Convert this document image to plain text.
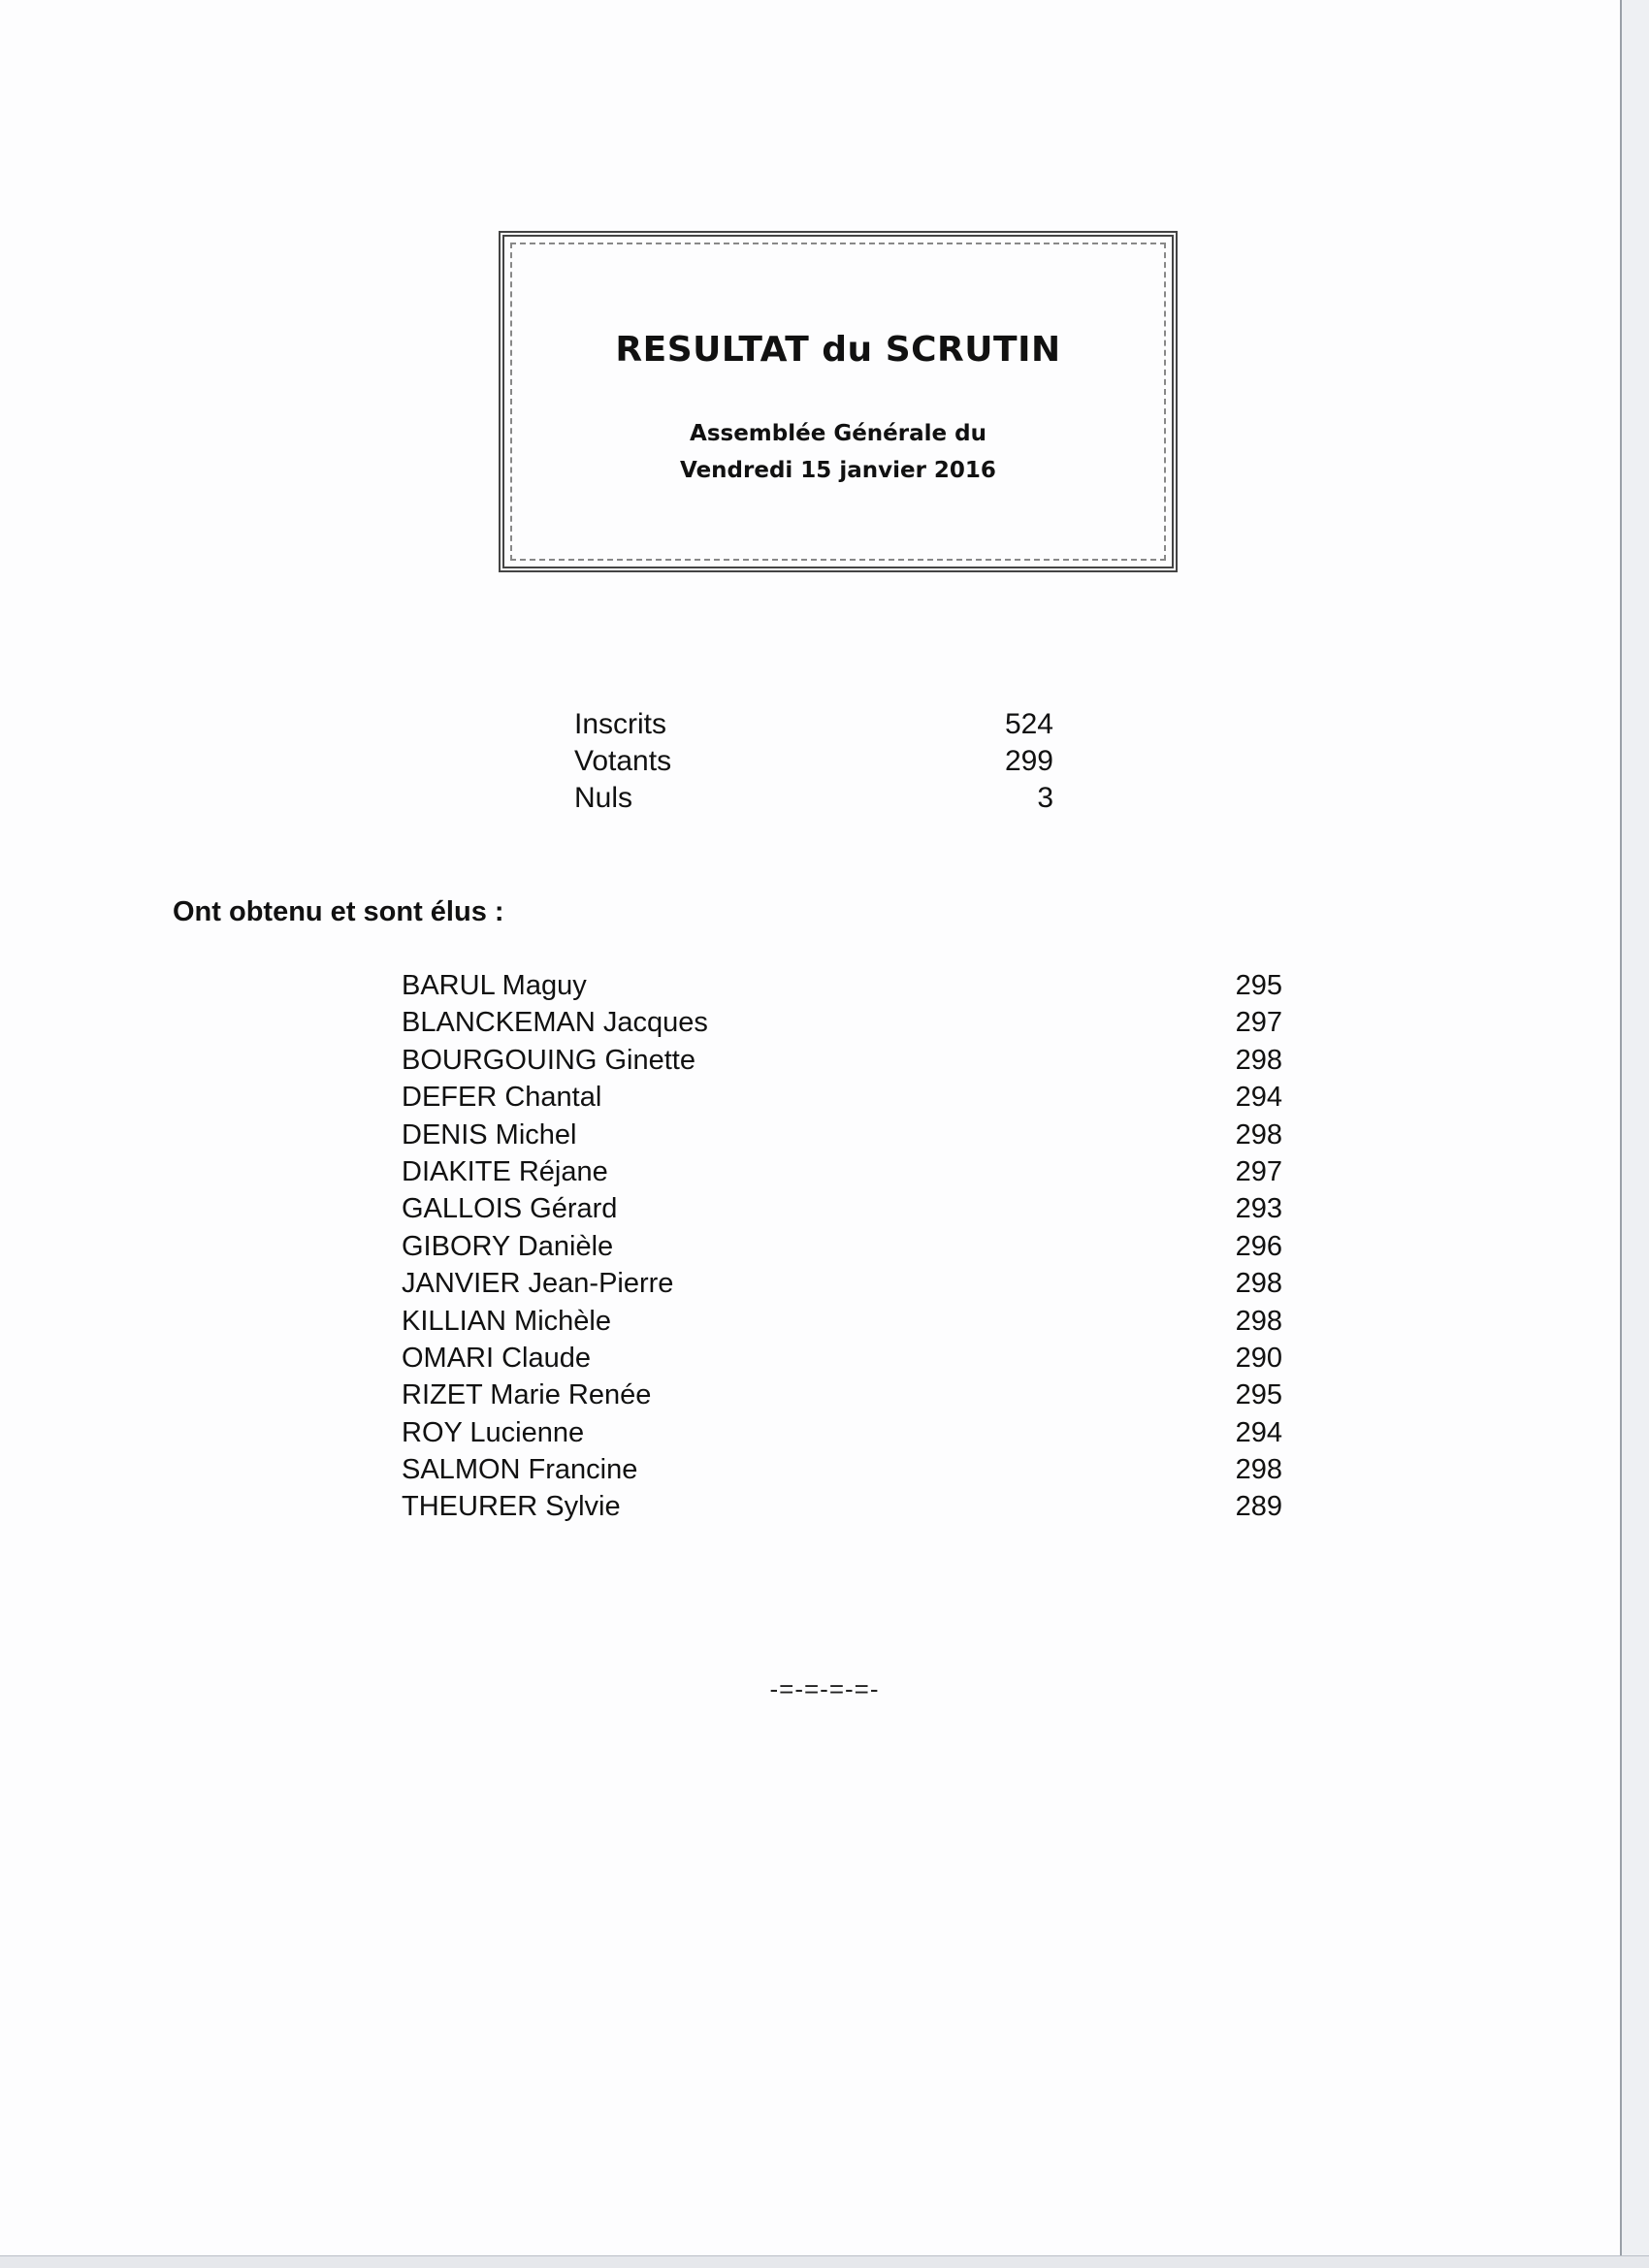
RESULTAT du SCRUTIN
Assemblée Générale du
Vendredi 15 janvier 2016
Inscrits	524
Votants	299
Nuls	3
Ont obtenu et sont élus :
BARUL Maguy	295
BLANCKEMAN Jacques	297
BOURGOUING Ginette	298
DEFER Chantal	294
DENIS Michel	298
DIAKITE Réjane	297
GALLOIS Gérard	293
GIBORY Danièle	296
JANVIER Jean-Pierre	298
KILLIAN Michèle	298
OMARI Claude	290
RIZET Marie Renée	295
ROY Lucienne	294
SALMON Francine	298
THEURER Sylvie	289
-=-=-=-=-
